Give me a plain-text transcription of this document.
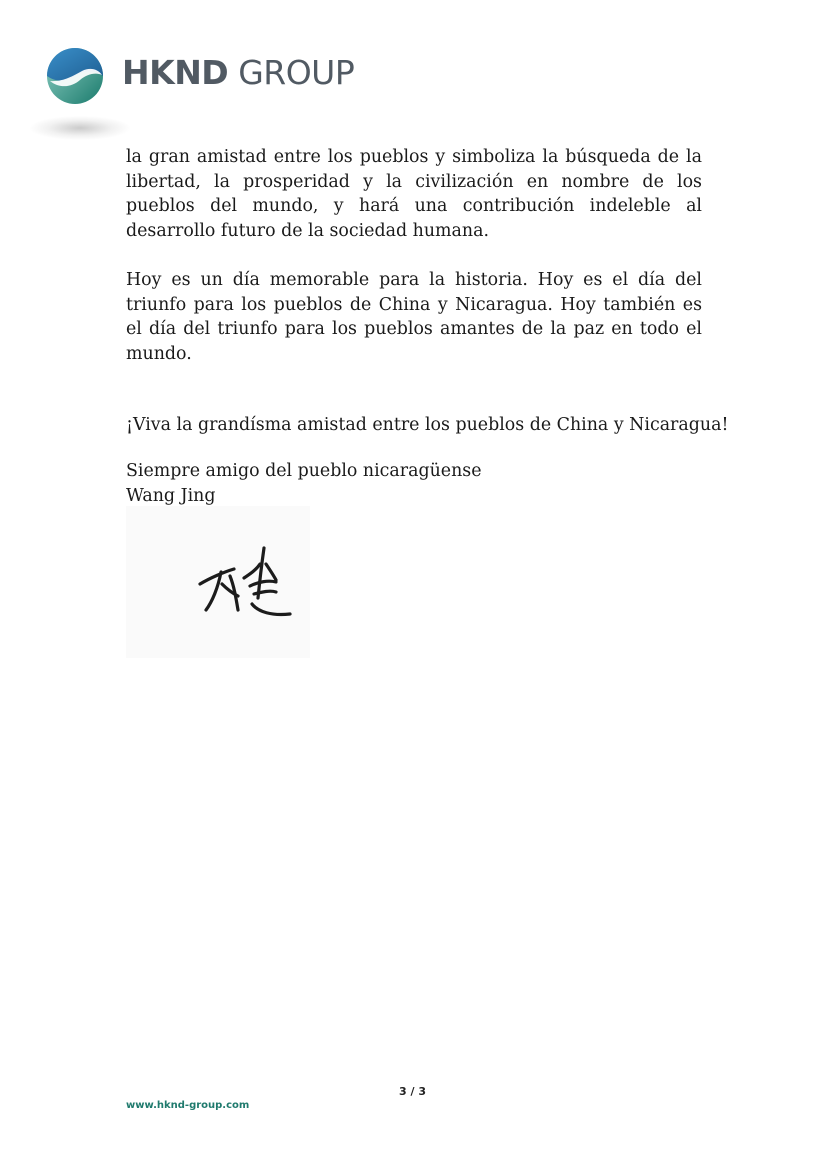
HKND GROUP

la gran amistad entre los pueblos y simboliza la búsqueda de la libertad, la prosperidad y la civilización en nombre de los pueblos del mundo, y hará una contribución indeleble al desarrollo futuro de la sociedad humana.

Hoy es un día memorable para la historia. Hoy es el día del triunfo para los pueblos de China y Nicaragua. Hoy también es el día del triunfo para los pueblos amantes de la paz en todo el mundo.

¡Viva la grandísma amistad entre los pueblos de China y Nicaragua!

Siempre amigo del pueblo nicaragüense

Wang Jing

3 / 3
www.hknd-group.com
